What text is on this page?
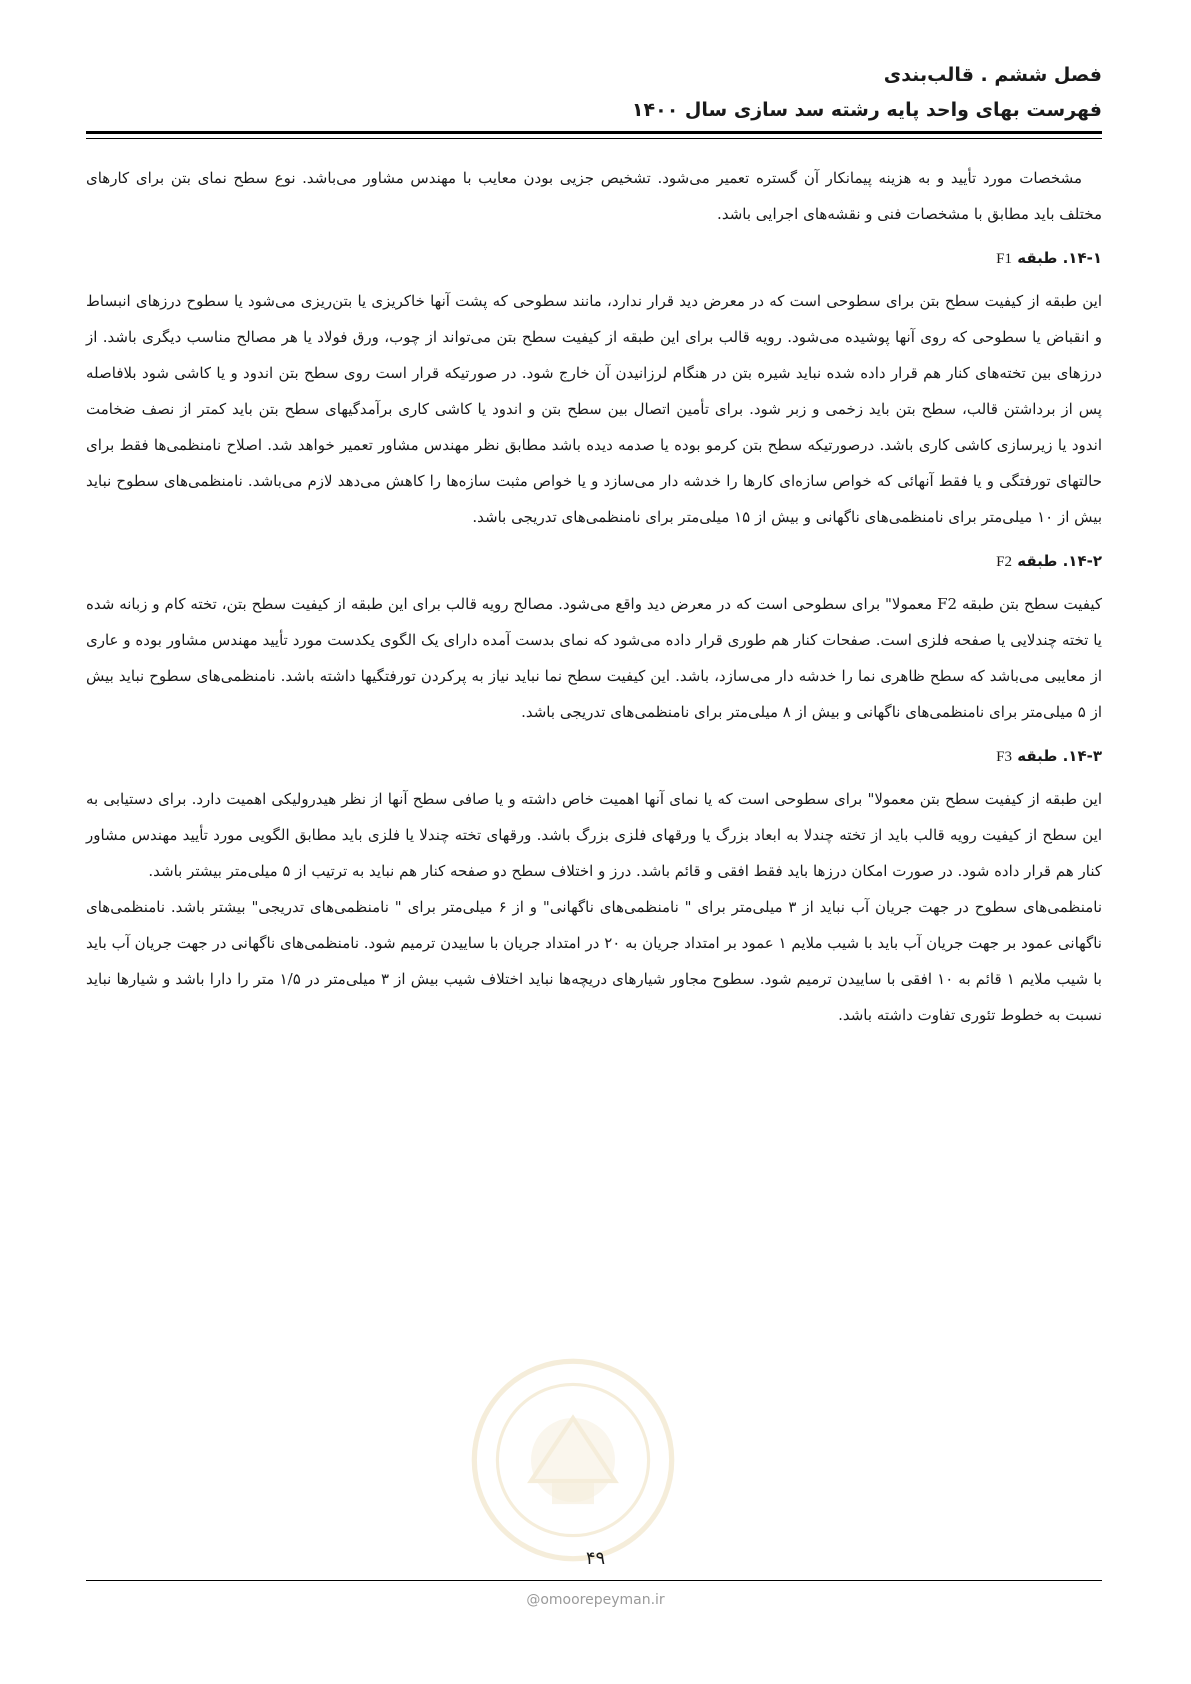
فصل ششم . قالب‌بندی
فهرست بهای واحد پایه رشته سد سازی سال ۱۴۰۰

مشخصات مورد تأیید و به هزینه پیمانکار آن گستره تعمیر می‌شود. تشخیص جزیی بودن معایب با مهندس مشاور می‌باشد. نوع سطح نمای بتن برای کارهای مختلف باید مطابق با مشخصات فنی و نقشه‌های اجرایی باشد.

۱۴-۱. طبقه F1

این طبقه از کیفیت سطح بتن برای سطوحی است که در معرض دید قرار ندارد، مانند سطوحی که پشت آنها خاکریزی یا بتن‌ریزی می‌شود یا سطوح درزهای انبساط و انقباض یا سطوحی که روی آنها پوشیده می‌شود. رویه قالب برای این طبقه از کیفیت سطح بتن می‌تواند از چوب، ورق فولاد یا هر مصالح مناسب دیگری باشد. از درزهای بین تخته‌های کنار هم قرار داده شده نباید شیره بتن در هنگام لرزانیدن آن خارج شود. در صورتیکه قرار است روی سطح بتن اندود و یا کاشی شود بلافاصله پس از برداشتن قالب، سطح بتن باید زخمی و زبر شود. برای تأمین اتصال بین سطح بتن و اندود یا کاشی کاری برآمدگیهای سطح بتن باید کمتر از نصف ضخامت اندود یا زیرسازی کاشی کاری باشد. درصورتیکه سطح بتن کرمو بوده یا صدمه دیده باشد مطابق نظر مهندس مشاور تعمیر خواهد شد. اصلاح نامنظمی‌ها فقط برای حالتهای تورفتگی و یا فقط آنهائی که خواص سازه‌ای کارها را خدشه دار می‌سازد و یا خواص مثبت سازه‌ها را کاهش می‌دهد لازم می‌باشد. نامنظمی‌های سطوح نباید بیش از ۱۰ میلی‌متر برای نامنظمی‌های ناگهانی و بیش از ۱۵ میلی‌متر برای نامنظمی‌های تدریجی باشد.

۱۴-۲. طبقه F2

کیفیت سطح بتن طبقه F2 معمولا" برای سطوحی است که در معرض دید واقع می‌شود. مصالح رویه قالب برای این طبقه از کیفیت سطح بتن، تخته کام و زبانه شده یا تخته چندلایی یا صفحه فلزی است. صفحات کنار هم طوری قرار داده می‌شود که نمای بدست آمده دارای یک الگوی یکدست مورد تأیید مهندس مشاور بوده و عاری از معایبی می‌باشد که سطح ظاهری نما را خدشه دار می‌سازد، باشد. این کیفیت سطح نما نباید نیاز به پرکردن تورفتگیها داشته باشد. نامنظمی‌های سطوح نباید بیش از ۵ میلی‌متر برای نامنظمی‌های ناگهانی و بیش از ۸ میلی‌متر برای نامنظمی‌های تدریجی باشد.

۱۴-۳. طبقه F3

این طبقه از کیفیت سطح بتن معمولا" برای سطوحی است که یا نمای آنها اهمیت خاص داشته و یا صافی سطح آنها از نظر هیدرولیکی اهمیت دارد. برای دستیابی به این سطح از کیفیت رویه قالب باید از تخته چندلا به ابعاد بزرگ یا ورقهای فلزی بزرگ باشد. ورقهای تخته چندلا یا فلزی باید مطابق الگویی مورد تأیید مهندس مشاور کنار هم قرار داده شود. در صورت امکان درزها باید فقط افقی و قائم باشد. درز و اختلاف سطح دو صفحه کنار هم نباید به ترتیب از ۵ میلی‌متر بیشتر باشد.

نامنظمی‌های سطوح در جهت جریان آب نباید از ۳ میلی‌متر برای " نامنظمی‌های ناگهانی" و از ۶ میلی‌متر برای " نامنظمی‌های تدریجی" بیشتر باشد. نامنظمی‌های ناگهانی عمود بر جهت جریان آب باید با شیب ملایم ۱ عمود بر امتداد جریان به ۲۰ در امتداد جریان با ساییدن ترمیم شود. نامنظمی‌های ناگهانی در جهت جریان آب باید با شیب ملایم ۱ قائم به ۱۰ افقی با ساییدن ترمیم شود. سطوح مجاور شیارهای دریچه‌ها نباید اختلاف شیب بیش از ۳ میلی‌متر در ۱/۵ متر را دارا باشد و شیارها نباید نسبت به خطوط تئوری تفاوت داشته باشد.

۴۹
@omoorepeyman.ir
